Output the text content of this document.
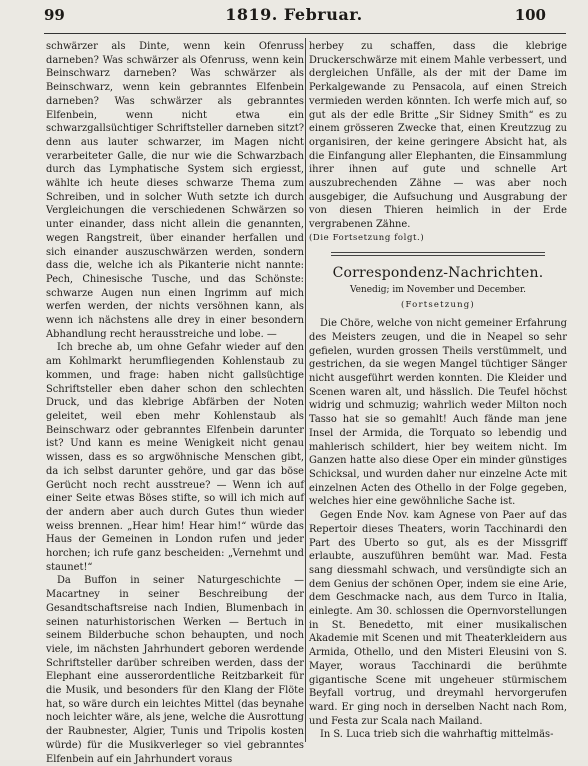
99	1819. Februar.	100

schwärzer als Dinte, wenn kein Ofenruss darneben? Was schwärzer als Ofenruss, wenn kein Beinschwarz darneben? Was schwärzer als Beinschwarz, wenn kein gebranntes Elfenbein darneben? Was schwärzer als gebranntes Elfenbein, wenn nicht etwa ein schwarzgallsüchtiger Schriftsteller darneben sitzt? denn aus lauter schwarzer, im Magen nicht verarbeiteter Galle, die nur wie die Schwarzbach durch das Lymphatische System sich ergiesst, wählte ich heute dieses schwarze Thema zum Schreiben, und in solcher Wuth setzte ich durch Vergleichungen die verschiedenen Schwärzen so unter einander, dass nicht allein die genannten, wegen Rangstreit, über einander herfallen und sich einander auszuschwärzen werden, sondern dass die, welche ich als Pikanterie nicht nannte: Pech, Chinesische Tusche, und das Schönste: schwarze Augen nun einen Ingrimm auf mich werfen werden, der nichts versöhnen kann, als wenn ich nächstens alle drey in einer besondern Abhandlung recht herausstreiche und lobe. —

Ich breche ab, um ohne Gefahr wieder auf den am Kohlmarkt herumfliegenden Kohlenstaub zu kommen, und frage: haben nicht gallsüchtige Schriftsteller eben daher schon den schlechten Druck, und das klebrige Abfärben der Noten geleitet, weil eben mehr Kohlenstaub als Beinschwarz oder gebranntes Elfenbein darunter ist? Und kann es meine Wenigkeit nicht genau wissen, dass es so argwöhnische Menschen gibt, da ich selbst darunter gehöre, und gar das böse Gerücht noch recht ausstreue? — Wenn ich auf einer Seite etwas Böses stifte, so will ich mich auf der andern aber auch durch Gutes thun wieder weiss brennen. „Hear him! Hear him!“ würde das Haus der Gemeinen in London rufen und jeder horchen; ich rufe ganz bescheiden: „Vernehmt und staunet!“

Da Buffon in seiner Naturgeschichte — Macartney in seiner Beschreibung der Gesandtschaftsreise nach Indien, Blumenbach in seinen naturhistorischen Werken — Bertuch in seinem Bilderbuche schon behaupten, und noch viele, im nächsten Jahrhundert geboren werdende Schriftsteller darüber schreiben werden, dass der Elephant eine ausserordentliche Reitzbarkeit für die Musik, und besonders für den Klang der Flöte hat, so wäre durch ein leichtes Mittel (das beynahe noch leichter wäre, als jene, welche die Ausrottung der Raubnester, Algier, Tunis und Tripolis kosten würde) für die Musikverleger so viel gebranntes Elfenbein auf ein Jahrhundert voraus

herbey zu schaffen, dass die klebrige Druckerschwärze mit einem Mahle verbessert, und dergleichen Unfälle, als der mit der Dame im Perkalgewande zu Pensacola, auf einen Streich vermieden werden könnten. Ich werfe mich auf, so gut als der edle Britte „Sir Sidney Smith“ es zu einem grösseren Zwecke that, einen Kreutzzug zu organisiren, der keine geringere Absicht hat, als die Einfangung aller Elephanten, die Einsammlung ihrer ihnen auf gute und schnelle Art auszubrechenden Zähne — was aber noch ausgebiger, die Aufsuchung und Ausgrabung der von diesen Thieren heimlich in der Erde vergrabenen Zähne.

(Die Fortsetzung folgt.)

Correspondenz-Nachrichten.
Venedig; im November und December.
(Fortsetzung)

Die Chöre, welche von nicht gemeiner Erfahrung des Meisters zeugen, und die in Neapel so sehr gefielen, wurden grossen Theils verstümmelt, und gestrichen, da sie wegen Mangel tüchtiger Sänger nicht ausgeführt werden konnten. Die Kleider und Scenen waren alt, und hässlich. Die Teufel höchst widrig und schmuzig; wahrlich weder Milton noch Tasso hat sie so gemahlt! Auch fände man jene Insel der Armida, die Torquato so lebendig und mahlerisch schildert, hier bey weitem nicht. Im Ganzen hatte also diese Oper ein minder günstiges Schicksal, und wurden daher nur einzelne Acte mit einzelnen Acten des Othello in der Folge gegeben, welches hier eine gewöhnliche Sache ist.

Gegen Ende Nov. kam Agnese von Paer auf das Repertoir dieses Theaters, worin Tacchinardi den Part des Uberto so gut, als es der Missgriff erlaubte, auszuführen bemüht war. Mad. Festa sang diessmahl schwach, und versündigte sich an dem Genius der schönen Oper, indem sie eine Arie, dem Geschmacke nach, aus dem Turco in Italia, einlegte. Am 30. schlossen die Opernvorstellungen in St. Benedetto, mit einer musikalischen Akademie mit Scenen und mit Theaterkleidern aus Armida, Othello, und den Misteri Eleusini von S. Mayer, woraus Tacchinardi die berühmte gigantische Scene mit ungeheuer stürmischem Beyfall vortrug, und dreymahl hervorgerufen ward. Er ging noch in derselben Nacht nach Rom, und Festa zur Scala nach Mailand.

In S. Luca trieb sich die wahrhaftig mittelmäs-
